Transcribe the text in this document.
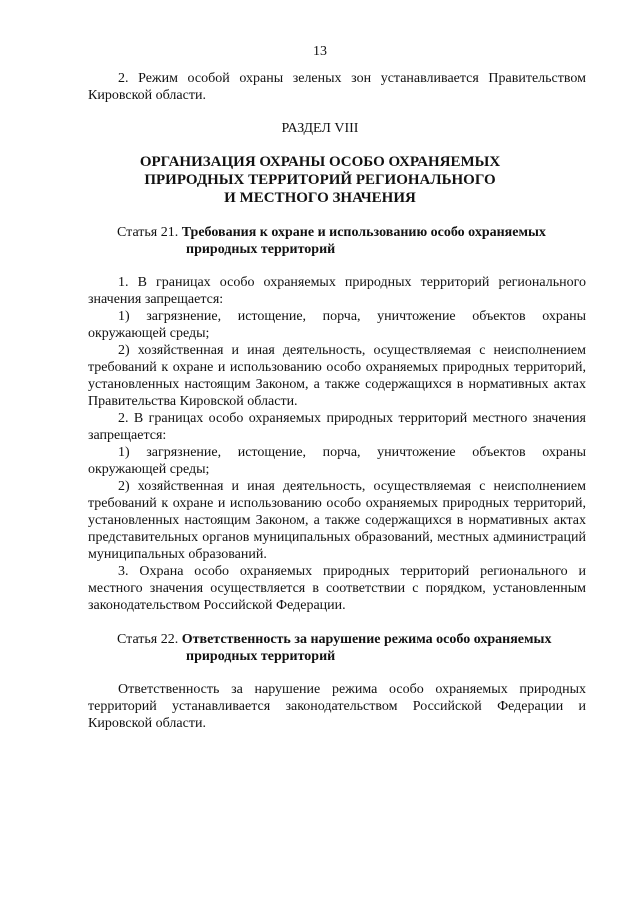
13
2. Режим особой охраны зеленых зон устанавливается Правительством Кировской области.
РАЗДЕЛ VIII
ОРГАНИЗАЦИЯ ОХРАНЫ ОСОБО ОХРАНЯЕМЫХ
ПРИРОДНЫХ ТЕРРИТОРИЙ РЕГИОНАЛЬНОГО
И МЕСТНОГО ЗНАЧЕНИЯ
Статья 21. Требования к охране и использованию особо охраняемых
природных территорий

1. В границах особо охраняемых природных территорий регионального значения запрещается:

1) загрязнение, истощение, порча, уничтожение объектов охраны окружающей среды;

2) хозяйственная и иная деятельность, осуществляемая с неисполнением требований к охране и использованию особо охраняемых природных территорий, установленных настоящим Законом, а также содержащихся в нормативных актах Правительства Кировской области.

2. В границах особо охраняемых природных территорий местного значения запрещается:

1) загрязнение, истощение, порча, уничтожение объектов охраны окружающей среды;

2) хозяйственная и иная деятельность, осуществляемая с неисполнением требований к охране и использованию особо охраняемых природных территорий, установленных настоящим Законом, а также содержащихся в нормативных актах представительных органов муниципальных образований, местных администраций муниципальных образований.

3. Охрана особо охраняемых природных территорий регионального и местного значения осуществляется в соответствии с порядком, установленным законодательством Российской Федерации.

Статья 22. Ответственность за нарушение режима особо охраняемых
природных территорий
Ответственность за нарушение режима особо охраняемых природных территорий устанавливается законодательством Российской Федерации и Кировской области.
